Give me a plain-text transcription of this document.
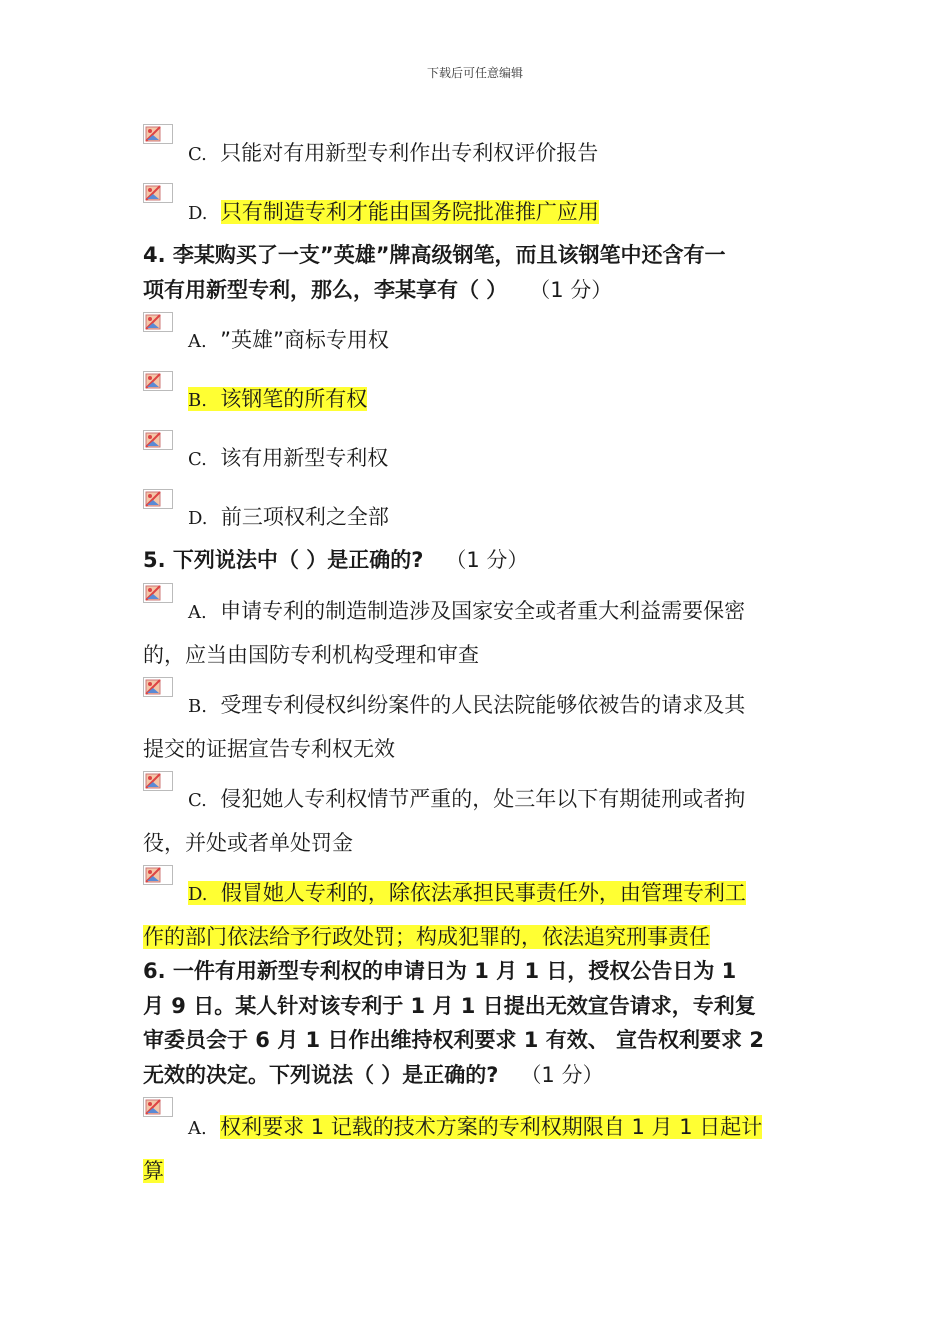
下载后可任意编辑
C. 只能对有用新型专利作出专利权评价报告
D. 只有制造专利才能由国务院批准推广应用
4. 李某购买了一支”英雄”牌高级钢笔，而且该钢笔中还含有一
项有用新型专利，那么，李某享有（ ） （1 分）
A. ”英雄”商标专用权
B. 该钢笔的所有权
C. 该有用新型专利权
D. 前三项权利之全部
5. 下列说法中（ ）是正确的? （1 分）
A. 申请专利的制造制造涉及国家安全或者重大利益需要保密
的，应当由国防专利机构受理和审查
B. 受理专利侵权纠纷案件的人民法院能够依被告的请求及其
提交的证据宣告专利权无效
C. 侵犯她人专利权情节严重的，处三年以下有期徒刑或者拘
役，并处或者单处罚金
D. 假冒她人专利的，除依法承担民事责任外，由管理专利工
作的部门依法给予行政处罚；构成犯罪的，依法追究刑事责任
6. 一件有用新型专利权的申请日为 1 月 1 日，授权公告日为 1
月 9 日。某人针对该专利于 1 月 1 日提出无效宣告请求，专利复
审委员会于 6 月 1 日作出维持权利要求 1 有效、 宣告权利要求 2
无效的决定。下列说法（ ）是正确的? （1 分）
A. 权利要求 1 记载的技术方案的专利权期限自 1 月 1 日起计
算
